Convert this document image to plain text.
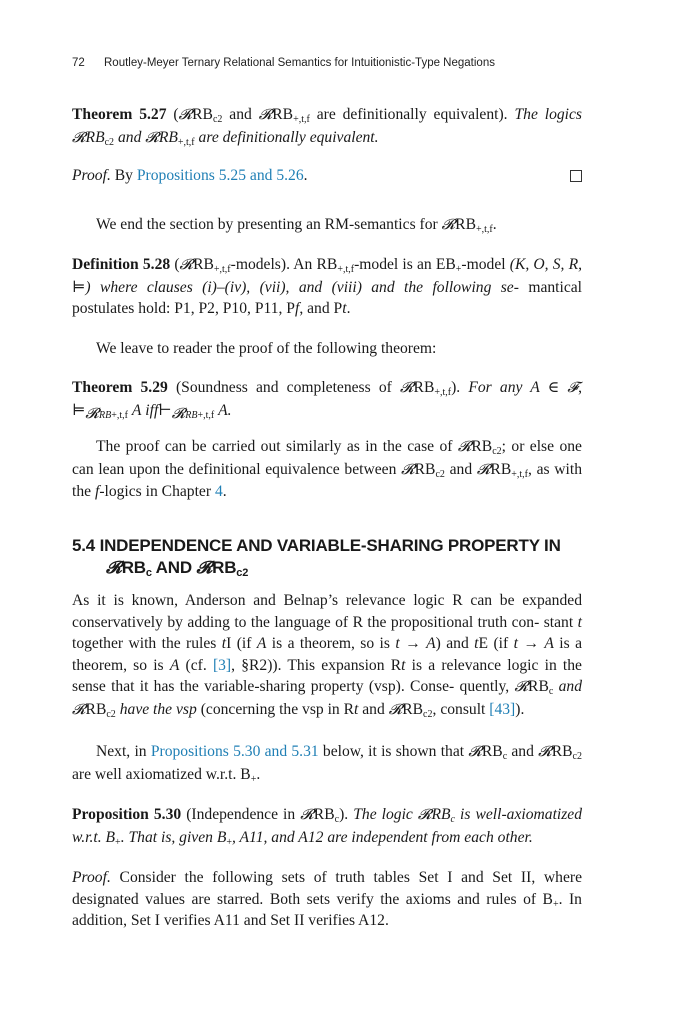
72 Routley-Meyer Ternary Relational Semantics for Intuitionistic-Type Negations
Theorem 5.27 (𝓡RB$_{c2}$ and 𝓡RB$_{+,t,f}$ are definitionally equivalent). The logics 𝓡RB$_{c2}$ and 𝓡RB$_{+,t,f}$ are definitionally equivalent.
Proof. By Propositions 5.25 and 5.26.
We end the section by presenting an RM-semantics for 𝓡RB$_{+,t,f}$.
Definition 5.28 (𝓡RB$_{+,t,f}$-models). An $RB_{+,t,f}$-model is an $EB_+$-model (K, O, S, R, ⊨) where clauses (i)–(iv), (vii), and (viii) and the following se- mantical postulates hold: P1, P2, P10, P11, Pf, and Pt.
We leave to reader the proof of the following theorem:
Theorem 5.29 (Soundness and completeness of 𝓡RB$_{+,t,f}$). For any A ∈ 𝓕, $⊨_{𝓡RB+,t,f}$ A $iff⊢_{𝓡RB+,t,f}$ A.
The proof can be carried out similarly as in the case of 𝓡RB$_{c2}$; or else one can lean upon the definitional equivalence between 𝓡RB$_{c2}$ and 𝓡RB$_{+,t,f}$, as with the f-logics in Chapter 4.
5.4 INDEPENDENCE AND VARIABLE-SHARING PROPERTY IN
𝓡RB$_c$ AND 𝓡RB$_{c2}$
As it is known, Anderson and Belnap’s relevance logic R can be expanded conservatively by adding to the language of R the propositional truth con- stant t together with the rules tI (if A is a theorem, so is t → A) and tE (if t → A is a theorem, so is A (cf. [3], §R2)). This expansion Rt is a relevance logic in the sense that it has the variable-sharing property (vsp). Conse- quently, 𝓡RB$_c$ and 𝓡RB$_{c2}$ have the vsp (concerning the vsp in Rt and 𝓡RB$_{c2}$, consult [43]).
Next, in Propositions 5.30 and 5.31 below, it is shown that 𝓡RB$_c$ and 𝓡RB$_{c2}$ are well axiomatized w.r.t. $B_+$.
Proposition 5.30 (Independence in 𝓡RB$_c$). The logic 𝓡RB$_c$ is well-axiomatized w.r.t. $B_+$. That is, given $B_+$, A11, and A12 are independent from each other.
Proof. Consider the following sets of truth tables Set I and Set II, where designated values are starred. Both sets verify the axioms and rules of $B_+$. In addition, Set I verifies A11 and Set II verifies A12.
